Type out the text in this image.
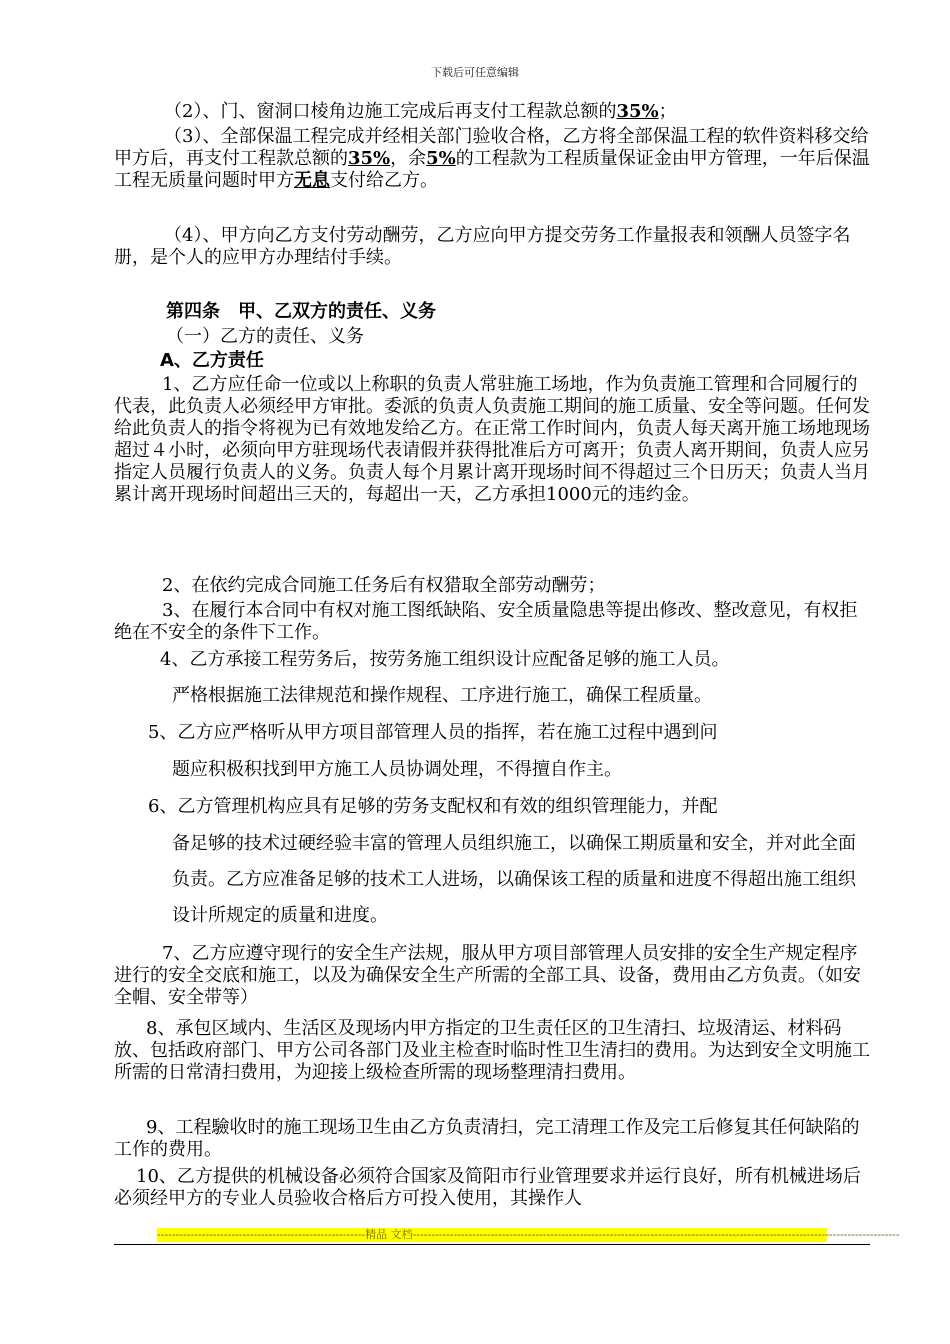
下载后可任意编辑

（2）、门、窗洞口棱角边施工完成后再支付工程款总额的35%；

（3）、全部保温工程完成并经相关部门验收合格，乙方将全部保温工程的软件资料移交给甲方后，再支付工程款总额的35%，余5%的工程款为工程质量保证金由甲方管理，一年后保温工程无质量问题时甲方无息支付给乙方。

（4）、甲方向乙方支付劳动酬劳，乙方应向甲方提交劳务工作量报表和领酬人员签字名册，是个人的应甲方办理结付手续。

第四条　甲、乙双方的责任、义务

（一）乙方的责任、义务

A、乙方责任

1、乙方应任命一位或以上称职的负责人常驻施工场地，作为负责施工管理和合同履行的代表，此负责人必须经甲方审批。委派的负责人负责施工期间的施工质量、安全等问题。任何发给此负责人的指令将视为已有效地发给乙方。在正常工作时间内，负责人每天离开施工场地现场超过４小时，必须向甲方驻现场代表请假并获得批准后方可离开；负责人离开期间，负责人应另指定人员履行负责人的义务。负责人每个月累计离开现场时间不得超过三个日历天；负责人当月累计离开现场时间超出三天的，每超出一天，乙方承担1000元的违约金。

2、在依约完成合同施工任务后有权猎取全部劳动酬劳；

3、在履行本合同中有权对施工图纸缺陷、安全质量隐患等提出修改、整改意见，有权拒绝在不安全的条件下工作。

4、乙方承接工程劳务后，按劳务施工组织设计应配备足够的施工人员。

严格根据施工法律规范和操作规程、工序进行施工，确保工程质量。

5、乙方应严格听从甲方项目部管理人员的指挥，若在施工过程中遇到问

题应积极积找到甲方施工人员协调处理，不得擅自作主。

6、乙方管理机构应具有足够的劳务支配权和有效的组织管理能力，并配

备足够的技术过硬经验丰富的管理人员组织施工，以确保工期质量和安全，并对此全面负责。乙方应准备足够的技术工人进场，以确保该工程的质量和进度不得超出施工组织设计所规定的质量和进度。

7、乙方应遵守现行的安全生产法规，服从甲方项目部管理人员安排的安全生产规定程序进行的安全交底和施工，以及为确保安全生产所需的全部工具、设备，费用由乙方负责。（如安全帽、安全带等）

8、承包区域内、生活区及现场内甲方指定的卫生责任区的卫生清扫、垃圾清运、材料码放、包括政府部门、甲方公司各部门及业主检查时临时性卫生清扫的费用。为达到安全文明施工所需的日常清扫费用，为迎接上级检查所需的现场整理清扫费用。

9、工程驗收时的施工现场卫生由乙方负责清扫，完工清理工作及完工后修复其任何缺陷的工作的费用。

10、乙方提供的机械设备必须符合国家及简阳市行业管理要求并运行良好，所有机械进场后必须经甲方的专业人员验收合格后方可投入使用，其操作人

--------------------------------------------------------精品 文档-----------------------------------------------------------------------------------------------------------------------------------
